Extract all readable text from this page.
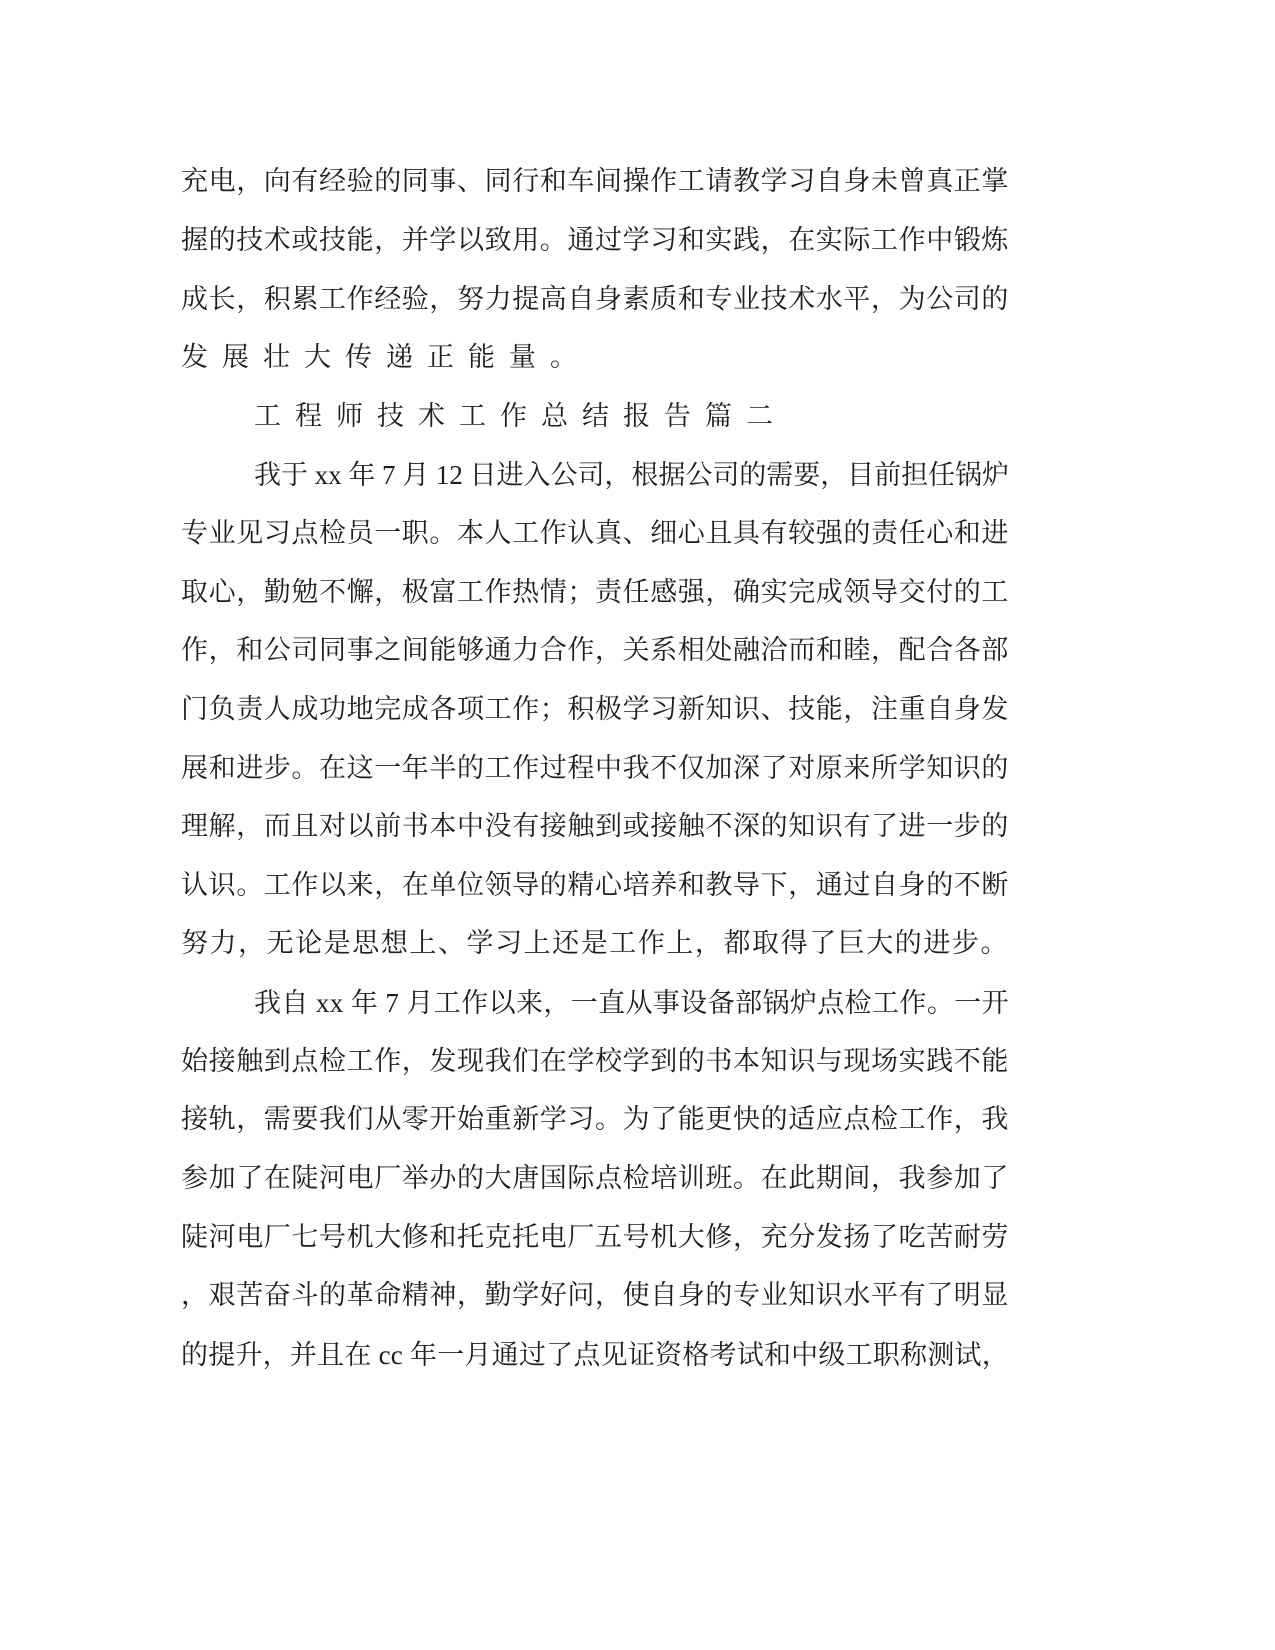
充电，向有经验的同事、同行和车间操作工请教学习自身未曾真正掌
握的技术或技能，并学以致用。通过学习和实践，在实际工作中锻炼
成长，积累工作经验，努力提高自身素质和专业技术水平，为公司的
发展壮大传递正能量。
工程师技术工作总结报告篇二
我于 xx 年 7 月 12 日进入公司，根据公司的需要，目前担任锅炉
专业见习点检员一职。本人工作认真、细心且具有较强的责任心和进
取心，勤勉不懈，极富工作热情；责任感强，确实完成领导交付的工
作，和公司同事之间能够通力合作，关系相处融洽而和睦，配合各部
门负责人成功地完成各项工作；积极学习新知识、技能，注重自身发
展和进步。在这一年半的工作过程中我不仅加深了对原来所学知识的
理解，而且对以前书本中没有接触到或接触不深的知识有了进一步的
认识。工作以来，在单位领导的精心培养和教导下，通过自身的不断
努力，无论是思想上、学习上还是工作上，都取得了巨大的进步。
我自 xx 年 7 月工作以来，一直从事设备部锅炉点检工作。一开
始接触到点检工作，发现我们在学校学到的书本知识与现场实践不能
接轨，需要我们从零开始重新学习。为了能更快的适应点检工作，我
参加了在陡河电厂举办的大唐国际点检培训班。在此期间，我参加了
陡河电厂七号机大修和托克托电厂五号机大修，充分发扬了吃苦耐劳
，艰苦奋斗的革命精神，勤学好问，使自身的专业知识水平有了明显
的提升，并且在 cc 年一月通过了点见证资格考试和中级工职称测试，
